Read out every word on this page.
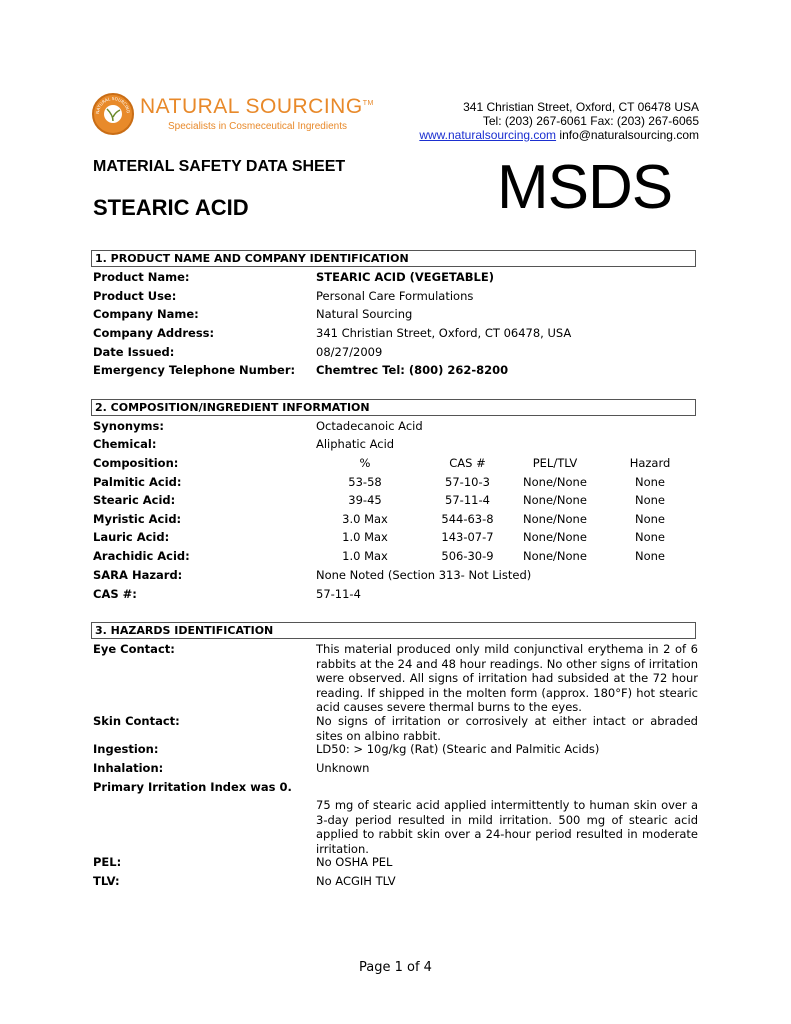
NATURAL SOURCING NATURAL SOURCING™
Specialists in Cosmeceutical Ingredients
341 Christian Street, Oxford, CT 06478 USA
Tel: (203) 267-6061 Fax: (203) 267-6065
www.naturalsourcing.com info@naturalsourcing.com
MATERIAL SAFETY DATA SHEET
STEARIC ACID	MSDS
1. PRODUCT NAME AND COMPANY IDENTIFICATION
Product Name:	STEARIC ACID (VEGETABLE)
Product Use:	Personal Care Formulations
Company Name:	Natural Sourcing
Company Address:	341 Christian Street, Oxford, CT 06478, USA
Date Issued:	08/27/2009
Emergency Telephone Number: Chemtrec Tel: (800) 262-8200
2. COMPOSITION/INGREDIENT INFORMATION
Synonyms:	Octadecanoic Acid
Chemical:	Aliphatic Acid
Composition:	%	CAS #	PEL/TLV	Hazard
Palmitic Acid:	53-58	57-10-3	None/None	None
Stearic Acid:	39-45	57-11-4	None/None	None
Myristic Acid:	3.0 Max	544-63-8	None/None	None
Lauric Acid:	1.0 Max	143-07-7	None/None	None
Arachidic Acid:	1.0 Max	506-30-9	None/None	None
SARA Hazard:	None Noted (Section 313- Not Listed)
CAS #:	57-11-4
3. HAZARDS IDENTIFICATION
Eye Contact:	This material produced only mild conjunctival erythema in 2 of 6 rabbits at the 24 and 48 hour readings. No other signs of irritation were observed. All signs of irritation had subsided at the 72 hour reading. If shipped in the molten form (approx. 180°F) hot stearic acid causes severe thermal burns to the eyes.
Skin Contact:	No signs of irritation or corrosively at either intact or abraded sites on albino rabbit.
Ingestion:	LD50: > 10g/kg (Rat) (Stearic and Palmitic Acids)
Inhalation:	Unknown
Primary Irritation Index was 0.
75 mg of stearic acid applied intermittently to human skin over a 3-day period resulted in mild irritation. 500 mg of stearic acid applied to rabbit skin over a 24-hour period resulted in moderate irritation.
PEL:	No OSHA PEL
TLV:	No ACGIH TLV
Page 1 of 4
